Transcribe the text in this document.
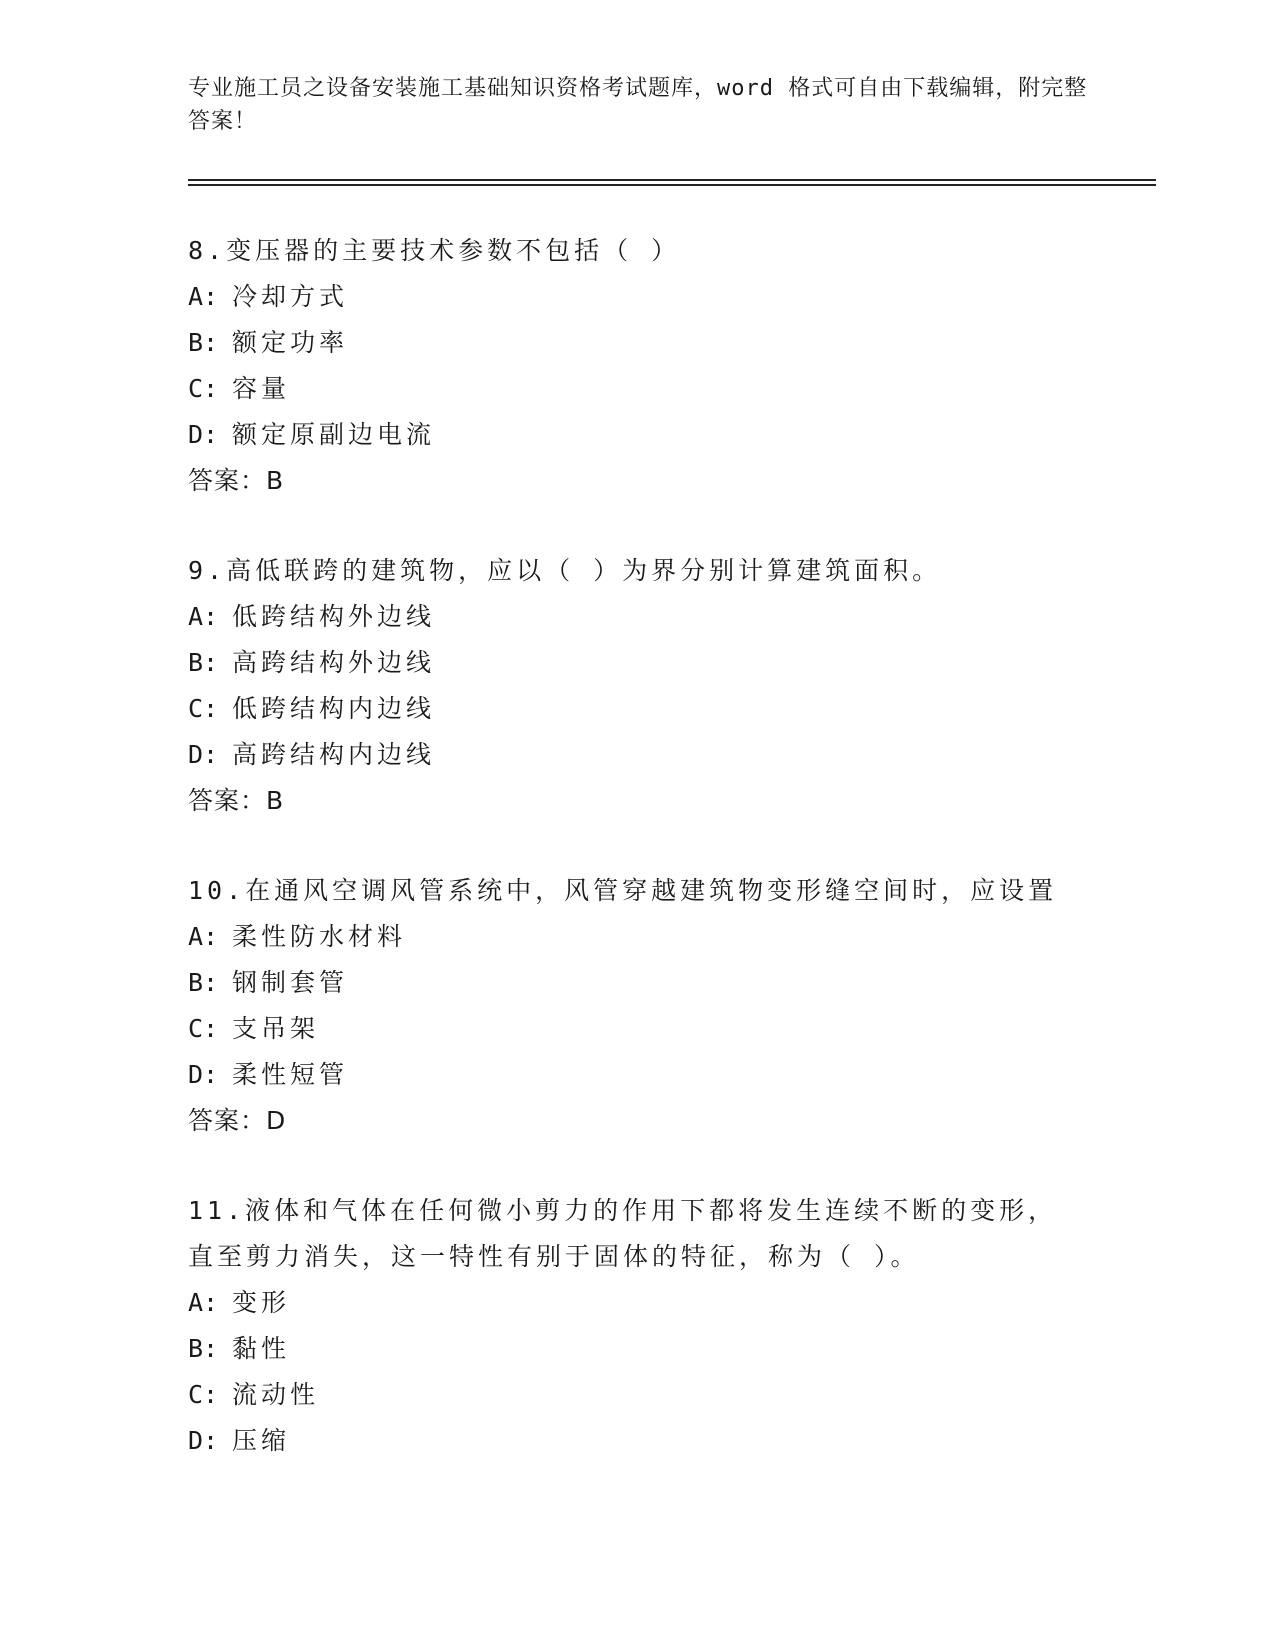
专业施工员之设备安装施工基础知识资格考试题库，word 格式可自由下载编辑，附完整答案！
8.变压器的主要技术参数不包括（ ）
A: 冷却方式
B: 额定功率
C: 容量
D: 额定原副边电流
答案：B
9.高低联跨的建筑物，应以（ ）为界分别计算建筑面积。
A: 低跨结构外边线
B: 高跨结构外边线
C: 低跨结构内边线
D: 高跨结构内边线
答案：B
10.在通风空调风管系统中，风管穿越建筑物变形缝空间时，应设置
A: 柔性防水材料
B: 钢制套管
C: 支吊架
D: 柔性短管
答案：D
11.液体和气体在任何微小剪力的作用下都将发生连续不断的变形，直至剪力消失，这一特性有别于固体的特征，称为（ ）。
A: 变形
B: 黏性
C: 流动性
D: 压缩
